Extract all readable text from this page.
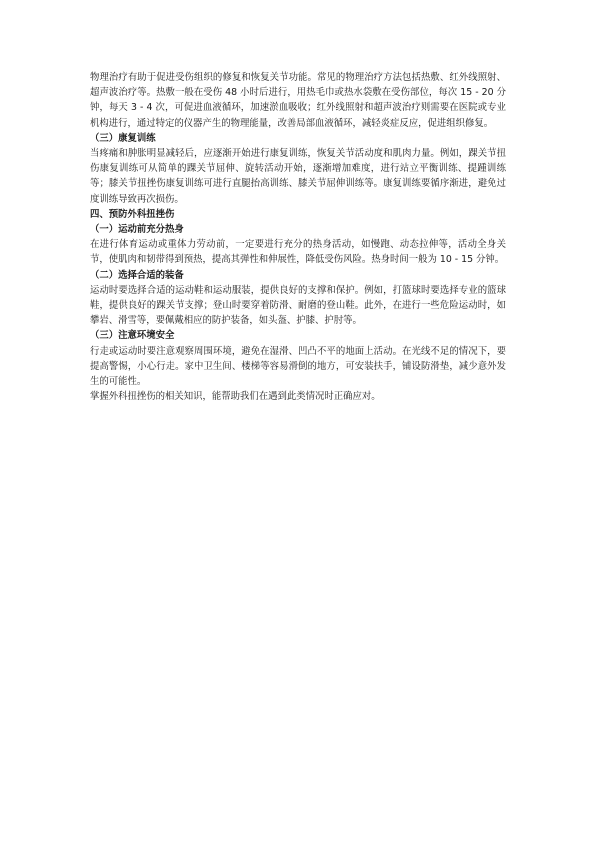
物理治疗有助于促进受伤组织的修复和恢复关节功能。常见的物理治疗方法包括热敷、红外线照射、超声波治疗等。热敷一般在受伤 48 小时后进行，用热毛巾或热水袋敷在受伤部位，每次 15 - 20 分钟，每天 3 - 4 次，可促进血液循环，加速淤血吸收；红外线照射和超声波治疗则需要在医院或专业机构进行，通过特定的仪器产生的物理能量，改善局部血液循环，减轻炎症反应，促进组织修复。

（三）康复训练

当疼痛和肿胀明显减轻后，应逐渐开始进行康复训练，恢复关节活动度和肌肉力量。例如，踝关节扭伤康复训练可从简单的踝关节屈伸、旋转活动开始，逐渐增加难度，进行站立平衡训练、提踵训练等；膝关节扭挫伤康复训练可进行直腿抬高训练、膝关节屈伸训练等。康复训练要循序渐进，避免过度训练导致再次损伤。

四、预防外科扭挫伤

（一）运动前充分热身

在进行体育运动或重体力劳动前，一定要进行充分的热身活动，如慢跑、动态拉伸等，活动全身关节，使肌肉和韧带得到预热，提高其弹性和伸展性，降低受伤风险。热身时间一般为 10 - 15 分钟。

（二）选择合适的装备

运动时要选择合适的运动鞋和运动服装，提供良好的支撑和保护。例如，打篮球时要选择专业的篮球鞋，提供良好的踝关节支撑；登山时要穿着防滑、耐磨的登山鞋。此外，在进行一些危险运动时，如攀岩、滑雪等，要佩戴相应的防护装备，如头盔、护膝、护肘等。

（三）注意环境安全

行走或运动时要注意观察周围环境，避免在湿滑、凹凸不平的地面上活动。在光线不足的情况下，要提高警惕，小心行走。家中卫生间、楼梯等容易滑倒的地方，可安装扶手，铺设防滑垫，减少意外发生的可能性。

掌握外科扭挫伤的相关知识，能帮助我们在遇到此类情况时正确应对。
